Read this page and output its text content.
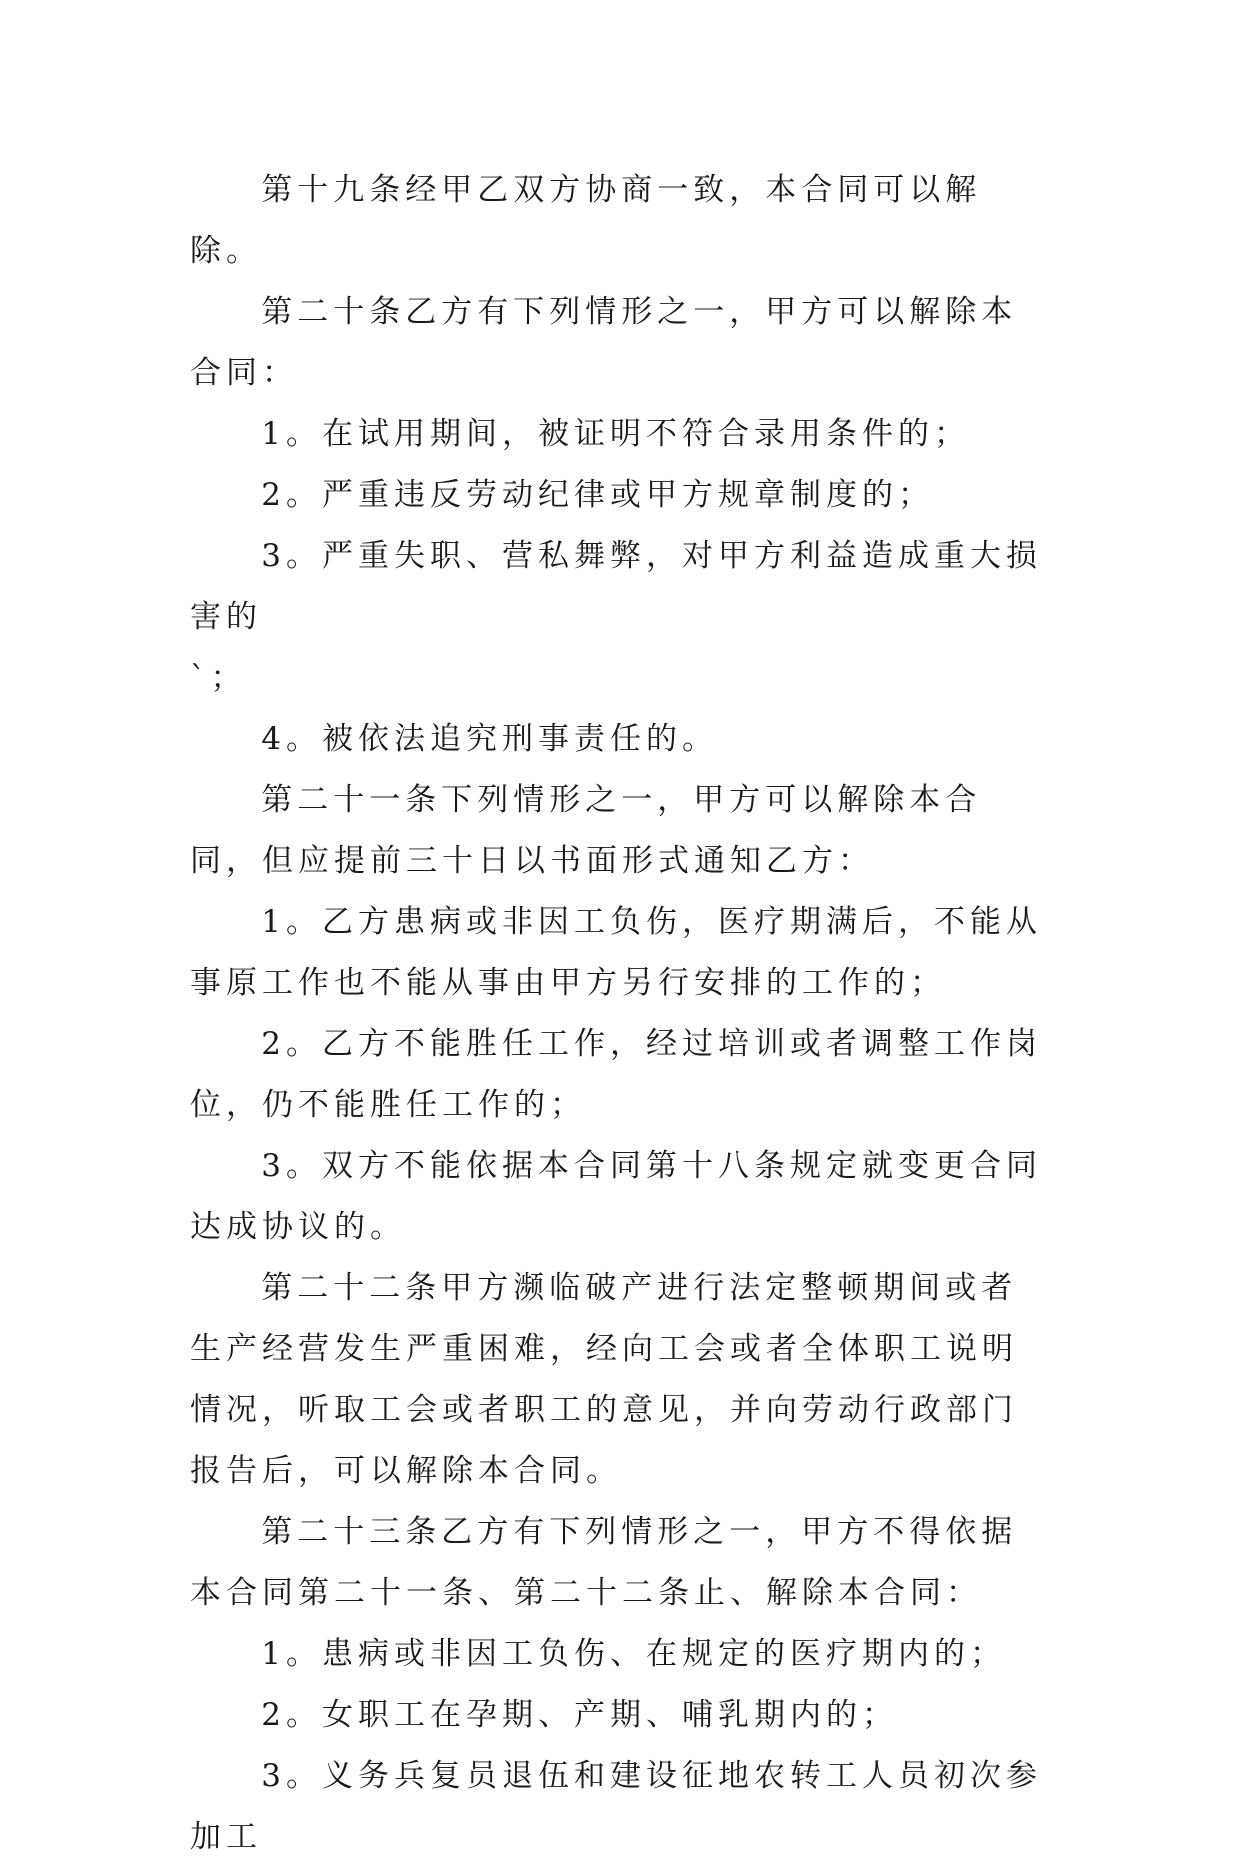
第十九条经甲乙双方协商一致，本合同可以解除。

第二十条乙方有下列情形之一，甲方可以解除本合同：

1。在试用期间，被证明不符合录用条件的；

2。严重违反劳动纪律或甲方规章制度的；

3。严重失职、营私舞弊，对甲方利益造成重大损害的

`；

4。被依法追究刑事责任的。

第二十一条下列情形之一，甲方可以解除本合同，但应提前三十日以书面形式通知乙方：

1。乙方患病或非因工负伤，医疗期满后，不能从事原工作也不能从事由甲方另行安排的工作的；

2。乙方不能胜任工作，经过培训或者调整工作岗位，仍不能胜任工作的；

3。双方不能依据本合同第十八条规定就变更合同达成协议的。

第二十二条甲方濒临破产进行法定整顿期间或者生产经营发生严重困难，经向工会或者全体职工说明情况，听取工会或者职工的意见，并向劳动行政部门报告后，可以解除本合同。

第二十三条乙方有下列情形之一，甲方不得依据本合同第二十一条、第二十二条止、解除本合同：

1。患病或非因工负伤、在规定的医疗期内的；

2。女职工在孕期、产期、哺乳期内的；

3。义务兵复员退伍和建设征地农转工人员初次参加工
